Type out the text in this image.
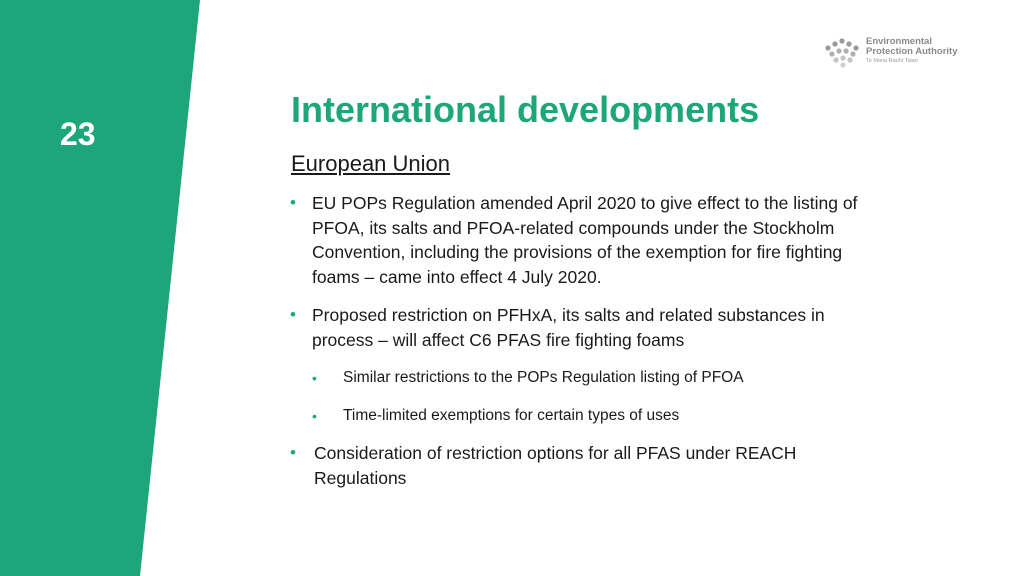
23
Environmental
Protection Authority
Te Mana Rauhī Taiao
International developments
European Union
• EU POPs Regulation amended April 2020 to give effect to the listing of PFOA, its salts and PFOA-related compounds under the Stockholm Convention, including the provisions of the exemption for fire fighting foams – came into effect 4 July 2020.
• Proposed restriction on PFHxA, its salts and related substances in process – will affect C6 PFAS fire fighting foams
• Similar restrictions to the POPs Regulation listing of PFOA
• Time-limited exemptions for certain types of uses
• Consideration of restriction options for all PFAS under REACH Regulations
